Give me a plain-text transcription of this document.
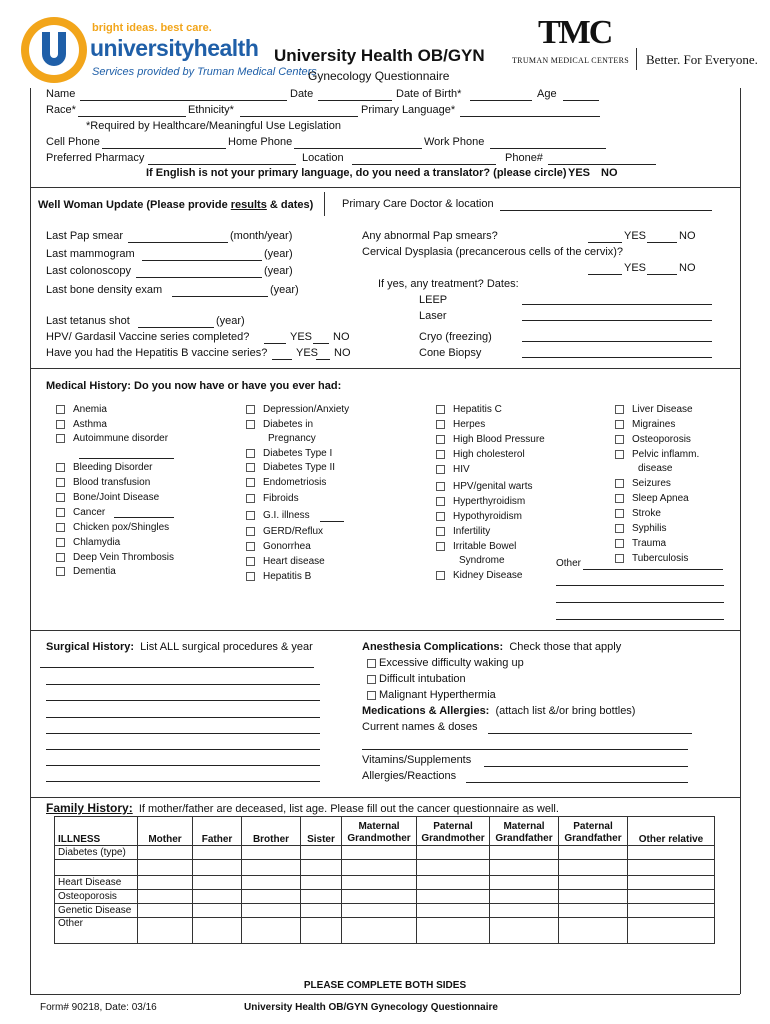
bright ideas. best care.
universityhealth
Services provided by Truman Medical Centers
University Health OB/GYN
Gynecology Questionnaire
TMC
TRUMAN MEDICAL CENTERS Better. For Everyone.
Name	Date	Date of Birth*	Age
Race*	Ethnicity*	Primary Language*
*Required by Healthcare/Meaningful Use Legislation
Cell Phone	Home Phone	Work Phone
Preferred Pharmacy	Location	Phone#
If English is not your primary language, do you need a translator? (please circle) YES NO
Well Woman Update (Please provide results & dates)	Primary Care Doctor & location
Last Pap smear	(month/year)
Last mammogram	(year)
Last colonoscopy	(year)
Last bone density exam	(year)
Last tetanus shot	(year)
HPV/ Gardasil Vaccine series completed?	YES NO
Have you had the Hepatitis B vaccine series?	YES NO
Any abnormal Pap smears?	YES	NO
Cervical Dysplasia (precancerous cells of the cervix)?
YES	NO
If yes, any treatment? Dates:
LEEP
Laser
Cryo (freezing)
Cone Biopsy
Medical History: Do you now have or have you ever had:
Anemia
Asthma
Autoimmune disorder
Bleeding Disorder
Blood transfusion
Bone/Joint Disease
Cancer
Chicken pox/Shingles
Chlamydia
Deep Vein Thrombosis
Dementia
Depression/Anxiety
Diabetes in
Pregnancy
Diabetes Type I
Diabetes Type II
Endometriosis
Fibroids
G.I. illness
GERD/Reflux
Gonorrhea
Heart disease
Hepatitis B
Hepatitis C
Herpes
High Blood Pressure
High cholesterol
HIV
HPV/genital warts
Hyperthyroidism
Hypothyroidism
Infertility
Irritable Bowel
Syndrome
Kidney Disease
Liver Disease
Migraines
Osteoporosis
Pelvic inflamm.
disease
Seizures
Sleep Apnea
Stroke
Syphilis
Trauma
Tuberculosis
Other
Surgical History: List ALL surgical procedures & year	Anesthesia Complications: Check those that apply
Excessive difficulty waking up
Difficult intubation
Malignant Hyperthermia
Medications & Allergies: (attach list &/or bring bottles)
Current names & doses
Vitamins/Supplements
Allergies/Reactions
Family History: If mother/father are deceased, list age. Please fill out the cancer questionnaire as well.
ILLNESS	Mother	Father	Brother	Sister	Maternal Grandmother	Paternal Grandmother	Maternal Grandfather	Paternal Grandfather	Other relative
Diabetes (type)									

Heart Disease									
Osteoporosis									
Genetic Disease									
Other									
PLEASE COMPLETE BOTH SIDES
Form# 90218, Date: 03/16	University Health OB/GYN Gynecology Questionnaire
